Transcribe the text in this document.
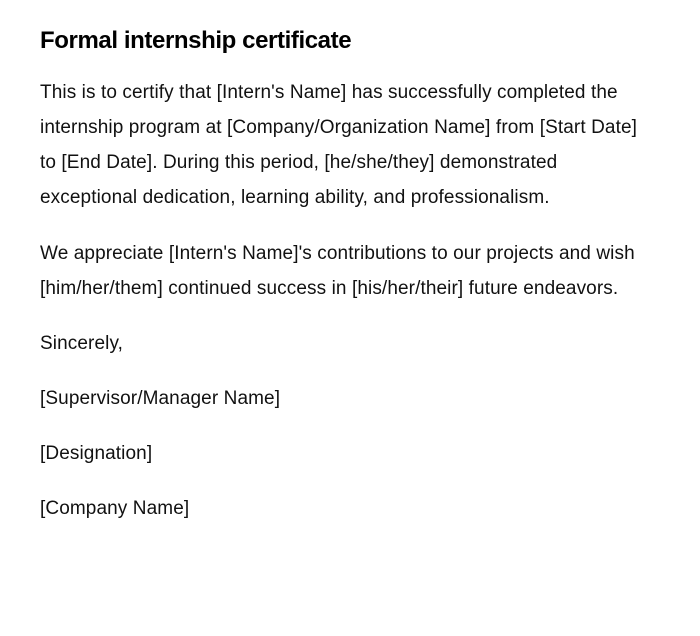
Formal internship certificate

This is to certify that [Intern's Name] has successfully completed the internship program at [Company/Organization Name] from [Start Date] to [End Date]. During this period, [he/she/they] demonstrated exceptional dedication, learning ability, and professionalism.

We appreciate [Intern's Name]'s contributions to our projects and wish [him/her/them] continued success in [his/her/their] future endeavors.

Sincerely,

[Supervisor/Manager Name]

[Designation]

[Company Name]
